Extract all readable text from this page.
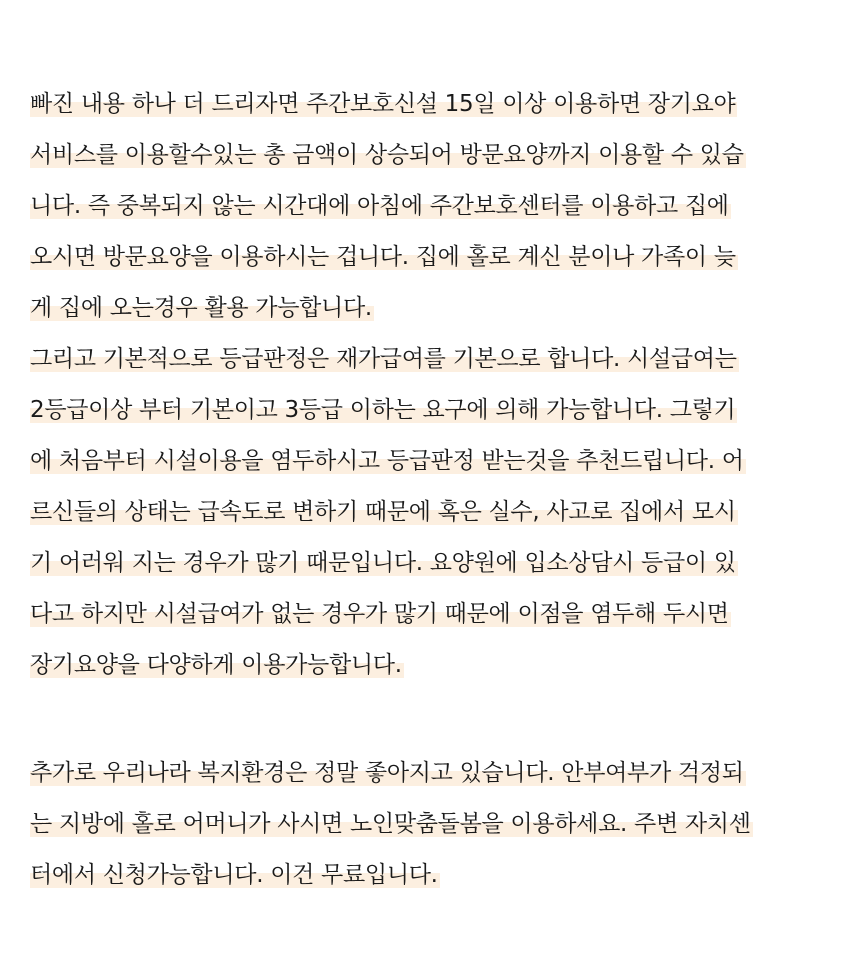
빠진 내용 하나 더 드리자면 주간보호신설 15일 이상 이용하면 장기요야
서비스를 이용할수있는 총 금액이 상승되어 방문요양까지 이용할 수 있습
니다. 즉 중복되지 않는 시간대에 아침에 주간보호센터를 이용하고 집에
오시면 방문요양을 이용하시는 겁니다. 집에 홀로 계신 분이나 가족이 늦
게 집에 오는경우 활용 가능합니다.
그리고 기본적으로 등급판정은 재가급여를 기본으로 합니다. 시설급여는
2등급이상 부터 기본이고 3등급 이하는 요구에 의해 가능합니다. 그렇기
에 처음부터 시설이용을 염두하시고 등급판정 받는것을 추천드립니다. 어
르신들의 상태는 급속도로 변하기 때문에 혹은 실수, 사고로 집에서 모시
기 어러워 지는 경우가 많기 때문입니다. 요양원에 입소상담시 등급이 있
다고 하지만 시설급여가 없는 경우가 많기 때문에 이점을 염두해 두시면
장기요양을 다양하게 이용가능합니다.
추가로 우리나라 복지환경은 정말 좋아지고 있습니다. 안부여부가 걱정되
는 지방에 홀로 어머니가 사시면 노인맞춤돌봄을 이용하세요. 주변 자치센
터에서 신청가능합니다. 이건 무료입니다.
